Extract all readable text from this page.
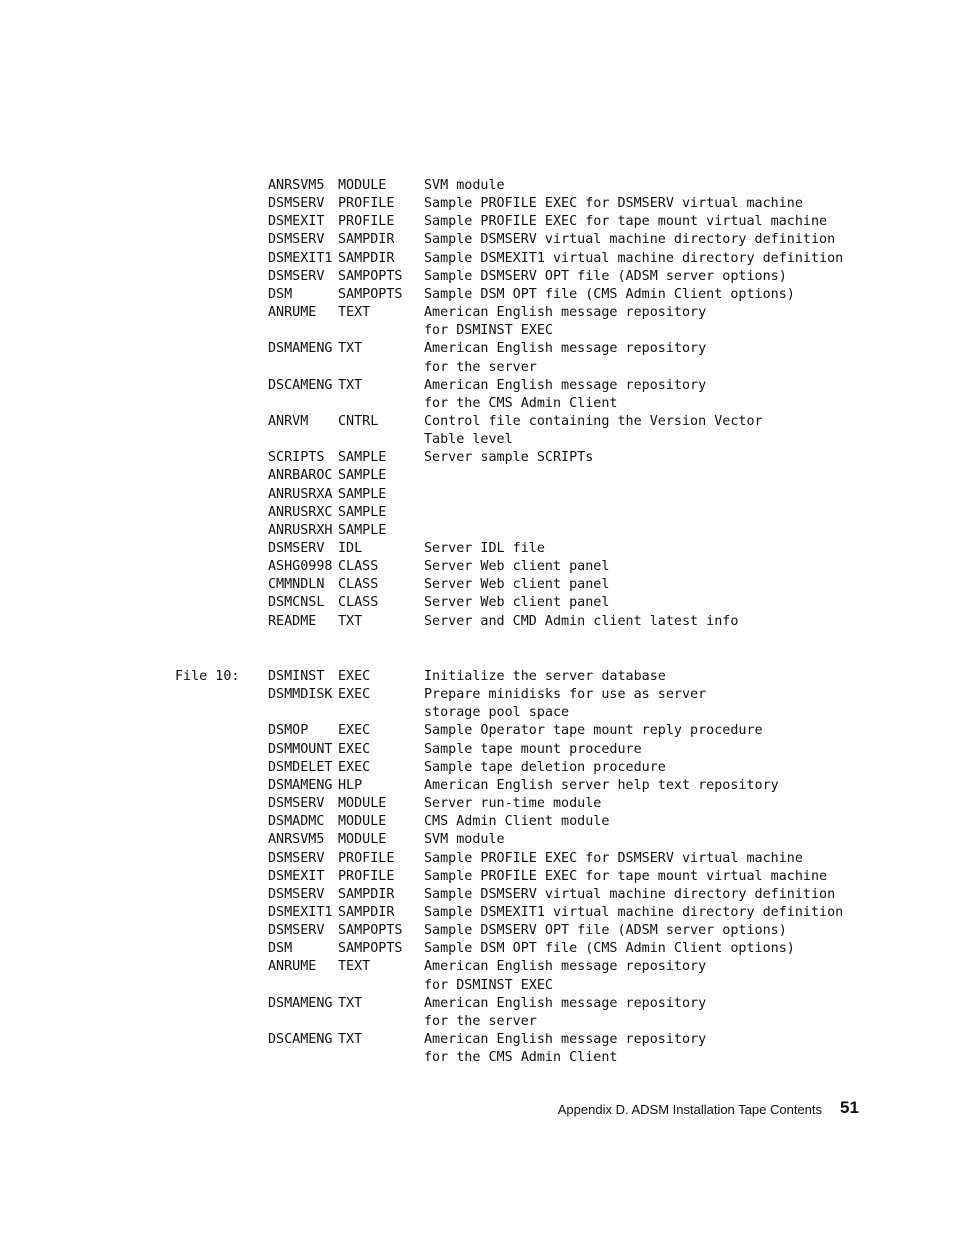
ANRSVM5 MODULE	SVM module
DSMSERV PROFILE Sample PROFILE EXEC for DSMSERV virtual machine
DSMEXIT PROFILE Sample PROFILE EXEC for tape mount virtual machine
DSMSERV SAMPDIR Sample DSMSERV virtual machine directory definition
DSMEXIT1 SAMPDIR Sample DSMEXIT1 virtual machine directory definition
DSMSERV SAMPOPTS Sample DSMSERV OPT file (ADSM server options)
DSM	SAMPOPTS Sample DSM OPT file (CMS Admin Client options)
ANRUME TEXT	American English message repository
for DSMINST EXEC
DSMAMENG TXT	American English message repository
for the server
DSCAMENG TXT	American English message repository
for the CMS Admin Client
ANRVM CNTRL	Control file containing the Version Vector
Table level
SCRIPTS SAMPLE	Server sample SCRIPTs
ANRBAROC SAMPLE
ANRUSRXA SAMPLE
ANRUSRXC SAMPLE
ANRUSRXH SAMPLE
DSMSERV IDL	Server IDL file
ASHG0998 CLASS	Server Web client panel
CMMNDLN CLASS	Server Web client panel
DSMCNSL CLASS	Server Web client panel
README TXT	Server and CMD Admin client latest info
File 10: DSMINST EXEC	Initialize the server database
DSMMDISK EXEC	Prepare minidisks for use as server
storage pool space
DSMOP EXEC	Sample Operator tape mount reply procedure
DSMMOUNT EXEC	Sample tape mount procedure
DSMDELET EXEC	Sample tape deletion procedure
DSMAMENG HLP	American English server help text repository
DSMSERV MODULE	Server run-time module
DSMADMC MODULE	CMS Admin Client module
ANRSVM5 MODULE	SVM module
DSMSERV PROFILE Sample PROFILE EXEC for DSMSERV virtual machine
DSMEXIT PROFILE Sample PROFILE EXEC for tape mount virtual machine
DSMSERV SAMPDIR Sample DSMSERV virtual machine directory definition
DSMEXIT1 SAMPDIR Sample DSMEXIT1 virtual machine directory definition
DSMSERV SAMPOPTS Sample DSMSERV OPT file (ADSM server options)
DSM	SAMPOPTS Sample DSM OPT file (CMS Admin Client options)
ANRUME TEXT	American English message repository
for DSMINST EXEC
DSMAMENG TXT	American English message repository
for the server
DSCAMENG TXT	American English message repository
for the CMS Admin Client
Appendix D. ADSM Installation Tape Contents 51
